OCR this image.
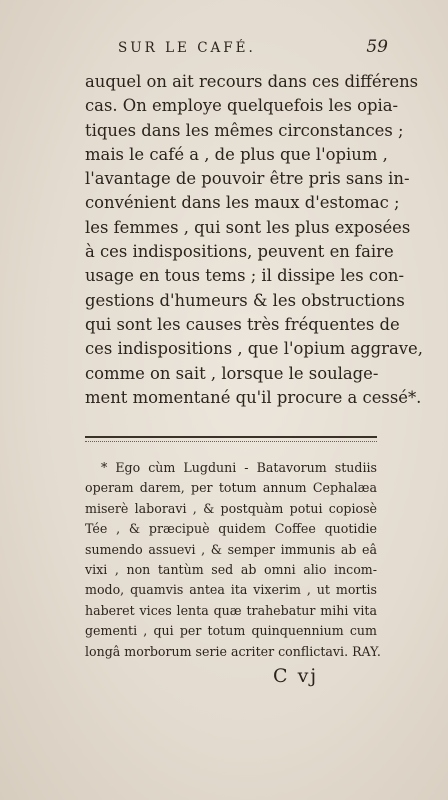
SUR LE CAFÉ.	59
auquel on ait recours dans ces différens
cas. On employe quelquefois les opia-
tiques dans les mêmes circonstances ;
mais le café a , de plus que l'opium ,
l'avantage de pouvoir être pris sans in-
convénient dans les maux d'estomac ;
les femmes , qui sont les plus exposées
à ces indispositions, peuvent en faire
usage en tous tems ; il dissipe les con-
gestions d'humeurs & les obstructions
qui sont les causes très fréquentes de
ces indispositions , que l'opium aggrave,
comme on sait , lorsque le soulage-
ment momentané qu'il procure a cessé*.
* Ego cùm Lugduni - Batavorum studiis
operam darem, per totum annum Cephalæa
miserè laboravi , & postquàm potui copiosè
Tée , & præcipuè quidem Coffee quotidie
sumendo assuevi , & semper immunis ab eâ
vixi , non tantùm sed ab omni alio incom-
modo, quamvis antea ita vixerim , ut mortis
haberet vices lenta quæ trahebatur mihi vita
gementi , qui per totum quinquennium cum
longâ morborum serie acriter conflictavi. RAY.
C vj
